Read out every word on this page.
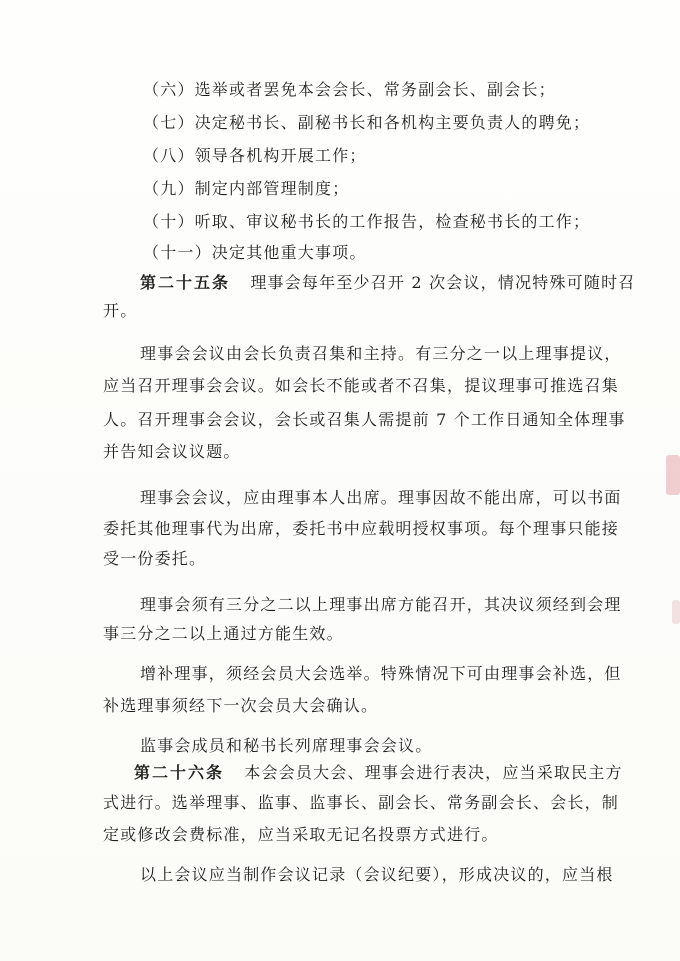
（六）选举或者罢免本会会长、常务副会长、副会长；
（七）决定秘书长、副秘书长和各机构主要负责人的聘免；
（八）领导各机构开展工作；
（九）制定内部管理制度；
（十）听取、审议秘书长的工作报告，检查秘书长的工作；
（十一）决定其他重大事项。
第二十五条 理事会每年至少召开 2 次会议，情况特殊可随时召
开。
理事会会议由会长负责召集和主持。有三分之一以上理事提议，
应当召开理事会会议。如会长不能或者不召集，提议理事可推选召集
人。召开理事会会议，会长或召集人需提前 7 个工作日通知全体理事
并告知会议议题。
理事会会议，应由理事本人出席。理事因故不能出席，可以书面
委托其他理事代为出席，委托书中应载明授权事项。每个理事只能接
受一份委托。
理事会须有三分之二以上理事出席方能召开，其决议须经到会理
事三分之二以上通过方能生效。
增补理事，须经会员大会选举。特殊情况下可由理事会补选，但
补选理事须经下一次会员大会确认。
监事会成员和秘书长列席理事会会议。
第二十六条 本会会员大会、理事会进行表决，应当采取民主方
式进行。选举理事、监事、监事长、副会长、常务副会长、会长，制
定或修改会费标准，应当采取无记名投票方式进行。
以上会议应当制作会议记录（会议纪要），形成决议的，应当根
